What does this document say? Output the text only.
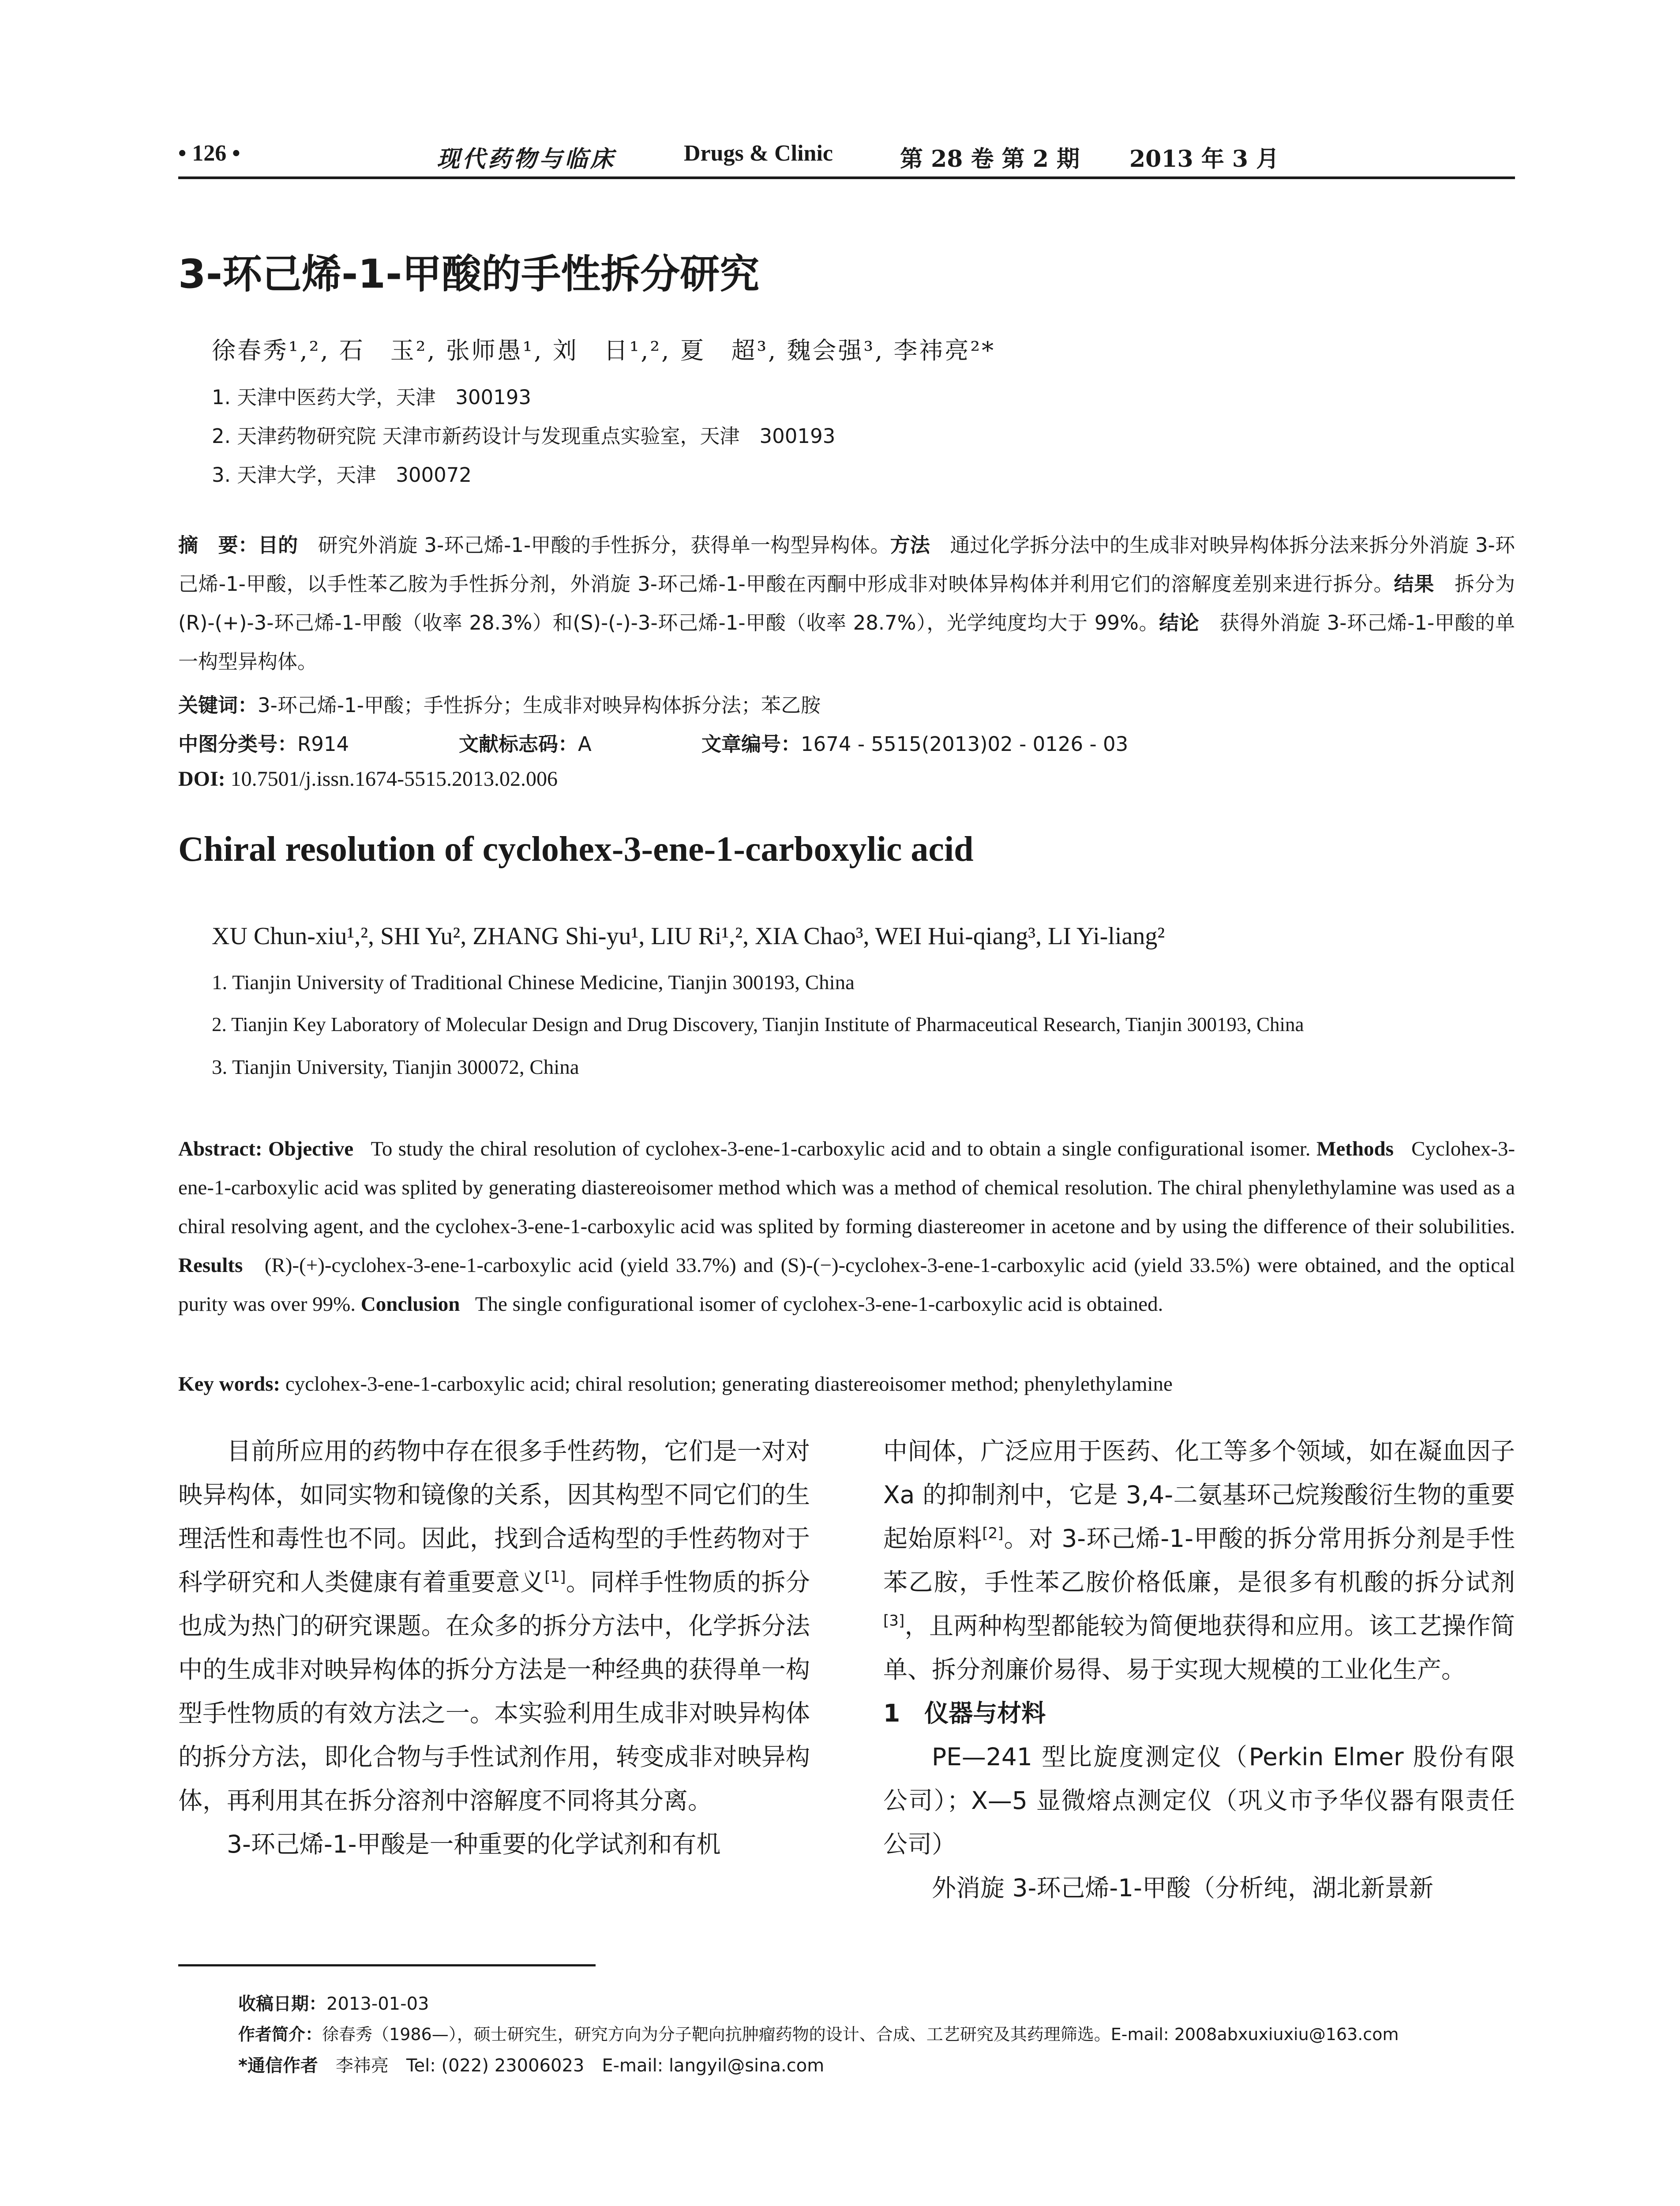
• 126 •	现代药物与临床	Drugs & Clinic	第 28 卷 第 2 期 2013 年 3 月
3-环己烯-1-甲酸的手性拆分研究
徐春秀¹,², 石　玉², 张师愚¹, 刘　日¹,², 夏　超³, 魏会强³, 李祎亮²*
1. 天津中医药大学，天津　300193
2. 天津药物研究院 天津市新药设计与发现重点实验室，天津　300193
3. 天津大学，天津　300072
摘　要：目的　 研究外消旋 3-环己烯-1-甲酸的手性拆分，获得单一构型异构体。方法　 通过化学拆分法中的生成非对映异构体拆分法来拆分外消旋 3-环己烯-1-甲酸，以手性苯乙胺为手性拆分剂，外消旋 3-环己烯-1-甲酸在丙酮中形成非对映体异构体并利用它们的溶解度差别来进行拆分。结果　 拆分为(R)-(+)-3-环己烯-1-甲酸（收率 28.3%）和(S)-(-)-3-环己烯-1-甲酸（收率 28.7%），光学纯度均大于 99%。结论　 获得外消旋 3-环己烯-1-甲酸的单一构型异构体。
关键词：3-环己烯-1-甲酸；手性拆分；生成非对映异构体拆分法；苯乙胺
中图分类号：R914	文献标志码：A	文章编号：1674 - 5515(2013)02 - 0126 - 03
DOI: 10.7501/j.issn.1674-5515.2013.02.006
Chiral resolution of cyclohex-3-ene-1-carboxylic acid
XU Chun-xiu¹,², SHI Yu², ZHANG Shi-yu¹, LIU Ri¹,², XIA Chao³, WEI Hui-qiang³, LI Yi-liang²
1. Tianjin University of Traditional Chinese Medicine, Tianjin 300193, China
2. Tianjin Key Laboratory of Molecular Design and Drug Discovery, Tianjin Institute of Pharmaceutical Research, Tianjin 300193, China
3. Tianjin University, Tianjin 300072, China
Abstract: Objective To study the chiral resolution of cyclohex-3-ene-1-carboxylic acid and to obtain a single configurational isomer. Methods Cyclohex-3-ene-1-carboxylic acid was splited by generating diastereoisomer method which was a method of chemical resolution. The chiral phenylethylamine was used as a chiral resolving agent, and the cyclohex-3-ene-1-carboxylic acid was splited by forming diastereomer in acetone and by using the difference of their solubilities. Results (R)-(+)-cyclohex-3-ene-1-carboxylic acid (yield 33.7%) and (S)-(−)-cyclohex-3-ene-1-carboxylic acid (yield 33.5%) were obtained, and the optical purity was over 99%. Conclusion The single configurational isomer of cyclohex-3-ene-1-carboxylic acid is obtained.
Key words: cyclohex-3-ene-1-carboxylic acid; chiral resolution; generating diastereoisomer method; phenylethylamine

目前所应用的药物中存在很多手性药物，它们是一对对映异构体，如同实物和镜像的关系，因其构型不同它们的生理活性和毒性也不同。因此，找到合适构型的手性药物对于科学研究和人类健康有着重要意义[1]。同样手性物质的拆分也成为热门的研究课题。在众多的拆分方法中，化学拆分法中的生成非对映异构体的拆分方法是一种经典的获得单一构型手性物质的有效方法之一。本实验利用生成非对映异构体的拆分方法，即化合物与手性试剂作用，转变成非对映异构体，再利用其在拆分溶剂中溶解度不同将其分离。

3-环己烯-1-甲酸是一种重要的化学试剂和有机

中间体，广泛应用于医药、化工等多个领域，如在凝血因子 Xa 的抑制剂中，它是 3,4-二氨基环己烷羧酸衍生物的重要起始原料[2]。对 3-环己烯-1-甲酸的拆分常用拆分剂是手性苯乙胺，手性苯乙胺价格低廉，是很多有机酸的拆分试剂[3]，且两种构型都能较为简便地获得和应用。该工艺操作简单、拆分剂廉价易得、易于实现大规模的工业化生产。

1　仪器与材料

PE—241 型比旋度测定仪（Perkin Elmer 股份有限公司）；X—5 显微熔点测定仪（巩义市予华仪器有限责任公司）

外消旋 3-环己烯-1-甲酸（分析纯，湖北新景新

收稿日期：2013-01-03
作者简介：徐春秀（1986—），硕士研究生，研究方向为分子靶向抗肿瘤药物的设计、合成、工艺研究及其药理筛选。E-mail: 2008abxuxiuxiu@163.com
*通信作者　 李祎亮　Tel: (022) 23006023　E-mail: langyil@sina.com
